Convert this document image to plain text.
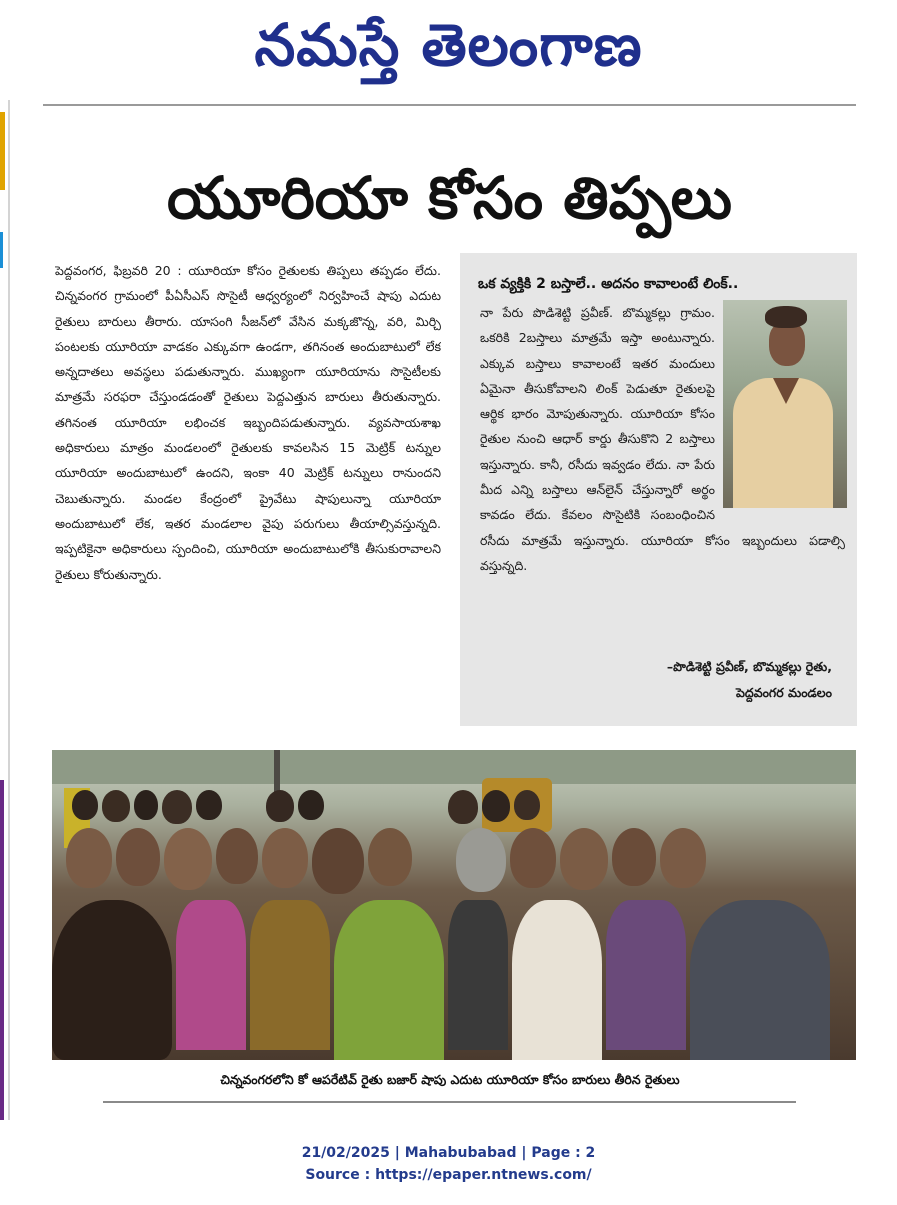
నమస్తే తెలంగాణ
యూరియా కోసం తిప్పలు
పెద్దవంగర, ఫిబ్రవరి 20 : యూరియా కోసం రైతులకు తిప్పలు తప్పడం లేదు. చిన్నవంగర గ్రామంలో పీఏసీఎస్ సొసైటీ ఆధ్వర్యంలో నిర్వహించే షాపు ఎదుట రైతులు బారులు తీరారు. యాసంగి సీజన్‌లో వేసిన మక్కజొన్న, వరి, మిర్చి పంటలకు యూరియా వాడకం ఎక్కువగా ఉండగా, తగినంత అందుబాటులో లేక అన్నదాతలు అవస్థలు పడుతున్నారు. ముఖ్యంగా యూరియాను సొసైటీలకు మాత్రమే సరఫరా చేస్తుండడంతో రైతులు పెద్దఎత్తున బారులు తీరుతున్నారు. తగినంత యూరియా లభించక ఇబ్బందిపడుతున్నారు. వ్యవసాయశాఖ అధికారులు మాత్రం మండలంలో రైతులకు కావలసిన 15 మెట్రిక్ టన్నుల యూరియా అందుబాటులో ఉందని, ఇంకా 40 మెట్రిక్ టన్నులు రానుందని చెబుతున్నారు. మండల కేంద్రంలో ప్రైవేటు షాపులున్నా యూరియా అందుబాటులో లేక, ఇతర మండలాల వైపు పరుగులు తీయాల్సివస్తున్నది. ఇప్పటికైనా అధికారులు స్పందించి, యూరియా అందుబాటులోకి తీసుకురావాలని రైతులు కోరుతున్నారు.
ఒక వ్యక్తికి 2 బస్తాలే.. అదనం కావాలంటే లింక్..
నా పేరు పొడిశెట్టి ప్రవీణ్. బొమ్మకల్లు గ్రామం. ఒకరికి 2బస్తాలు మాత్రమే ఇస్తా అంటున్నారు. ఎక్కువ బస్తాలు కావాలంటే ఇతర మందులు ఏమైనా తీసుకోవాలని లింక్ పెడుతూ రైతులపై ఆర్థిక భారం మోపుతున్నారు. యూరియా కోసం రైతుల నుంచి ఆధార్ కార్డు తీసుకొని 2 బస్తాలు ఇస్తున్నారు. కానీ, రసీదు ఇవ్వడం లేదు. నా పేరు మీద ఎన్ని బస్తాలు ఆన్‌లైన్ చేస్తున్నారో అర్థం కావడం లేదు. కేవలం సొసైటికి సంబంధించిన రసీదు మాత్రమే ఇస్తున్నారు. యూరియా కోసం ఇబ్బందులు పడాల్సి వస్తున్నది.
–పొడిశెట్టి ప్రవీణ్, బొమ్మకల్లు రైతు,
పెద్దవంగర మండలం
చిన్నవంగరలోని కో ఆపరేటివ్ రైతు బజార్ షాపు ఎదుట యూరియా కోసం బారులు తీరిన రైతులు
21/02/2025 | Mahabubabad | Page : 2
Source : https://epaper.ntnews.com/
